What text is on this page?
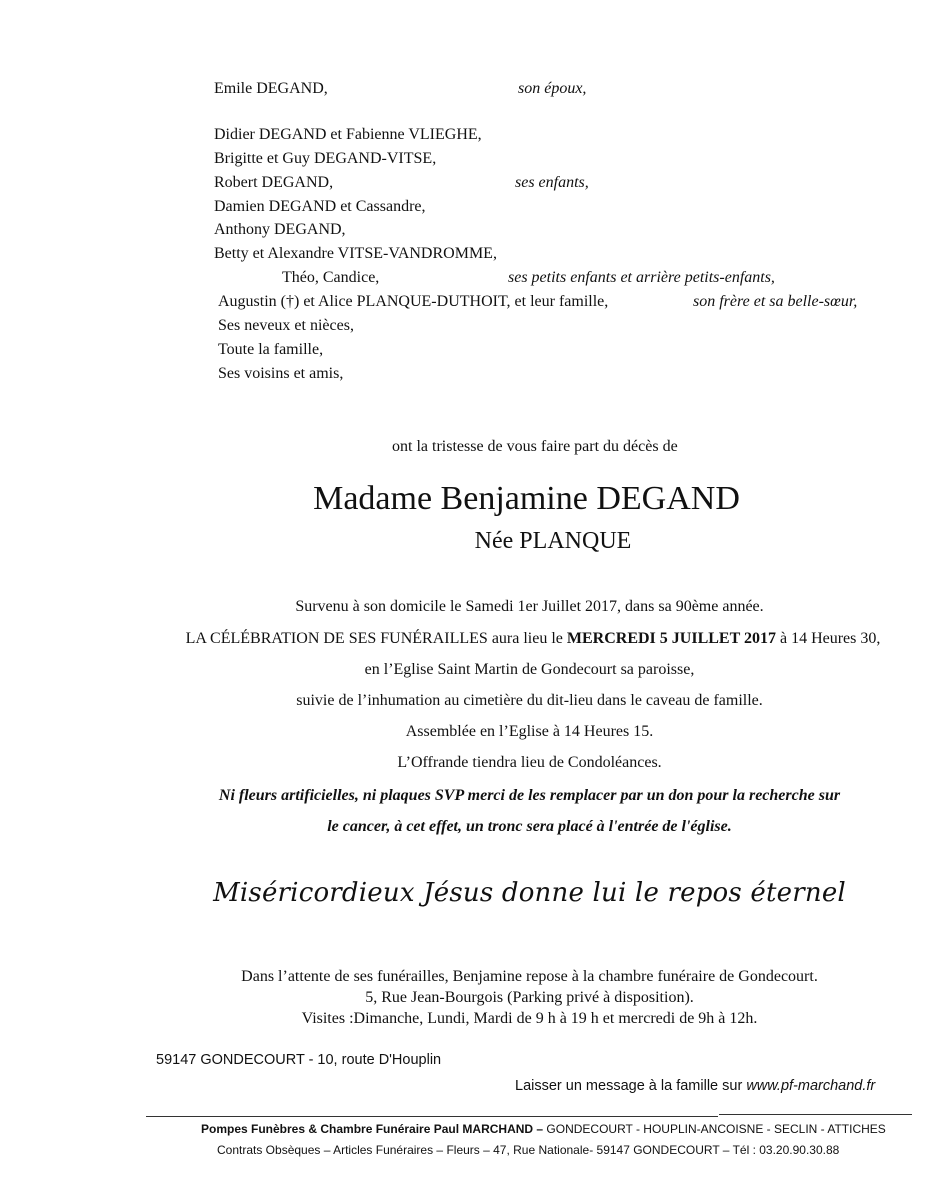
Emile DEGAND,	son époux,
Didier DEGAND et Fabienne VLIEGHE,
Brigitte et Guy DEGAND-VITSE,
Robert DEGAND,	ses enfants,
Damien DEGAND et Cassandre,
Anthony DEGAND,
Betty et Alexandre VITSE-VANDROMME,
Théo, Candice,	ses petits enfants et arrière petits-enfants,
Augustin (†) et Alice PLANQUE-DUTHOIT, et leur famille,	son frère et sa belle-sœur,
Ses neveux et nièces,
Toute la famille,
Ses voisins et amis,
ont la tristesse de vous faire part du décès de
Madame Benjamine DEGAND
Née PLANQUE
Survenu à son domicile le Samedi 1er Juillet 2017, dans sa 90ème année.
LA CÉLÉBRATION DE SES FUNÉRAILLES aura lieu le MERCREDI 5 JUILLET 2017 à 14 Heures 30,
en l’Eglise Saint Martin de Gondecourt sa paroisse,
suivie de l’inhumation au cimetière du dit-lieu dans le caveau de famille.
Assemblée en l’Eglise à 14 Heures 15.
L’Offrande tiendra lieu de Condoléances.
Ni fleurs artificielles, ni plaques SVP merci de les remplacer par un don pour la recherche sur
le cancer, à cet effet, un tronc sera placé à l'entrée de l'église.
Miséricordieux Jésus donne lui le repos éternel
Dans l’attente de ses funérailles, Benjamine repose à la chambre funéraire de Gondecourt.
5, Rue Jean-Bourgois (Parking privé à disposition).
Visites :Dimanche, Lundi, Mardi de 9 h à 19 h et mercredi de 9h à 12h.
59147 GONDECOURT - 10, route D'Houplin
Laisser un message à la famille sur www.pf-marchand.fr
Pompes Funèbres & Chambre Funéraire Paul MARCHAND – GONDECOURT - HOUPLIN-ANCOISNE - SECLIN - ATTICHES
Contrats Obsèques – Articles Funéraires – Fleurs – 47, Rue Nationale- 59147 GONDECOURT – Tél : 03.20.90.30.88
